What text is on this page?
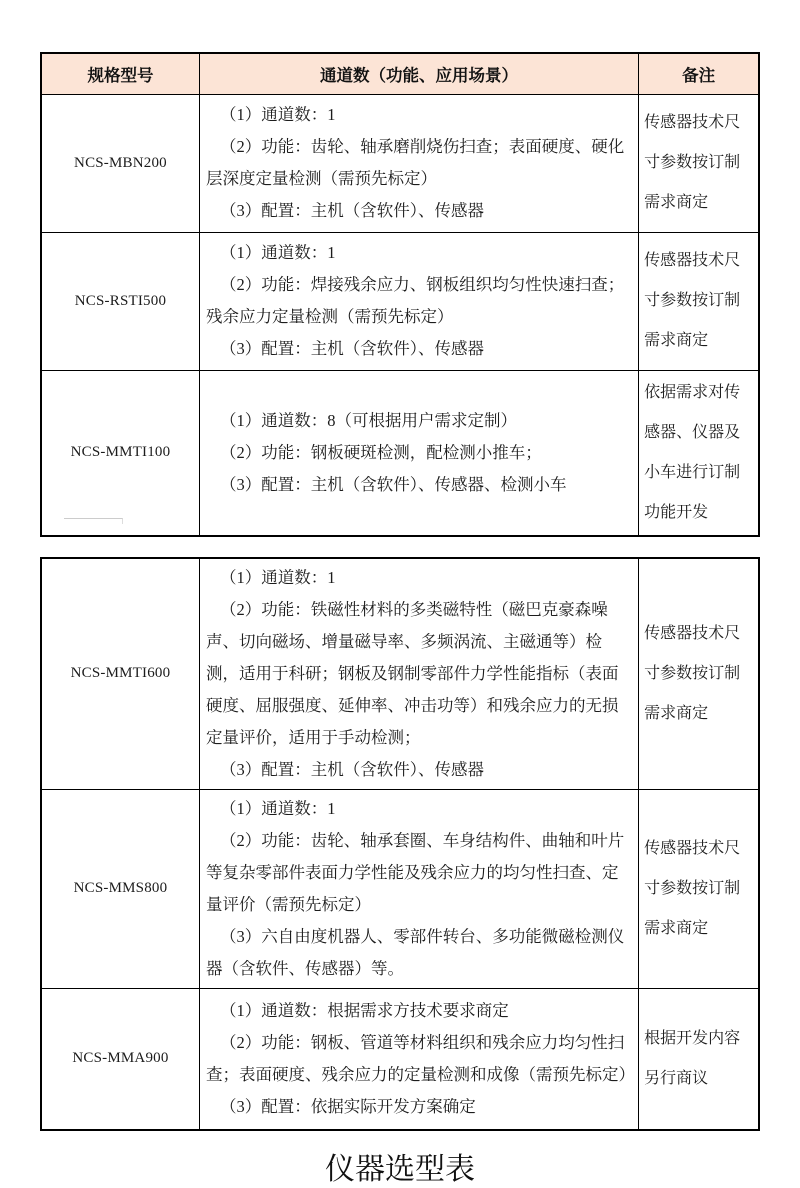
规格型号	通道数（功能、应用场景）	备注
NCS-MBN200	（1）通道数：1

（2）功能：齿轮、轴承磨削烧伤扫查；表面硬度、硬化层深度定量检测（需预先标定）

（3）配置：主机（含软件）、传感器	传感器技术尺寸参数按订制需求商定
NCS-RSTI500	（1）通道数：1

（2）功能：焊接残余应力、钢板组织均匀性快速扫查；残余应力定量检测（需预先标定）

（3）配置：主机（含软件）、传感器	传感器技术尺寸参数按订制需求商定
NCS-MMTI100	（1）通道数：8（可根据用户需求定制）

（2）功能：钢板硬斑检测，配检测小推车；

（3）配置：主机（含软件）、传感器、检测小车	依据需求对传感器、仪器及小车进行订制功能开发
NCS-MMTI600	（1）通道数：1

（2）功能：铁磁性材料的多类磁特性（磁巴克豪森噪声、切向磁场、增量磁导率、多频涡流、主磁通等）检测，适用于科研；钢板及钢制零部件力学性能指标（表面硬度、屈服强度、延伸率、冲击功等）和残余应力的无损定量评价，适用于手动检测；

（3）配置：主机（含软件）、传感器	传感器技术尺寸参数按订制需求商定
NCS-MMS800	（1）通道数：1

（2）功能：齿轮、轴承套圈、车身结构件、曲轴和叶片等复杂零部件表面力学性能及残余应力的均匀性扫查、定量评价（需预先标定）

（3）六自由度机器人、零部件转台、多功能微磁检测仪器（含软件、传感器）等。	传感器技术尺寸参数按订制需求商定
NCS-MMA900	（1）通道数：根据需求方技术要求商定

（2）功能：钢板、管道等材料组织和残余应力均匀性扫查；表面硬度、残余应力的定量检测和成像（需预先标定）

（3）配置：依据实际开发方案确定	根据开发内容另行商议
仪器选型表
